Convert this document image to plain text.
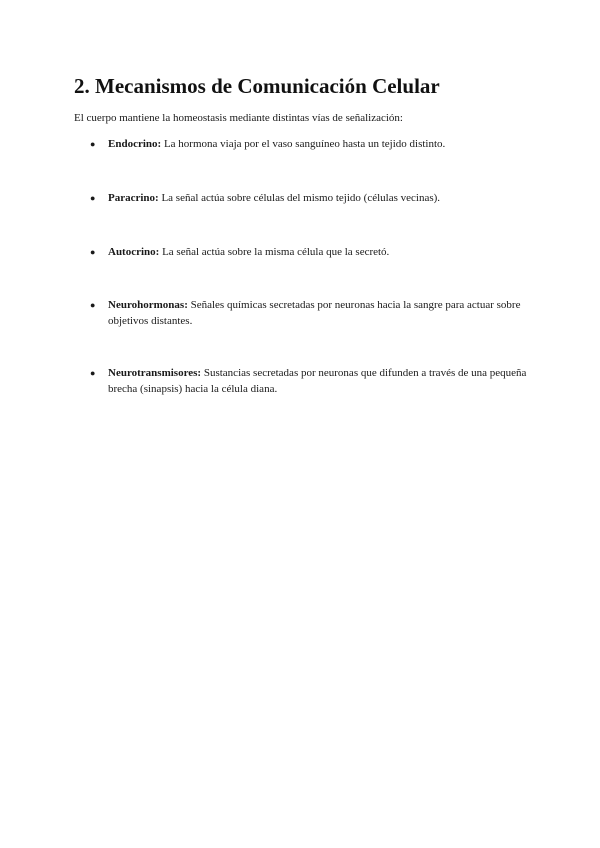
2. Mecanismos de Comunicación Celular

El cuerpo mantiene la homeostasis mediante distintas vías de señalización:

●	Endocrino: La hormona viaja por el vaso sanguíneo hasta un tejido distinto.
●	Paracrino: La señal actúa sobre células del mismo tejido (células vecinas).
●	Autocrino: La señal actúa sobre la misma célula que la secretó.
●	Neurohormonas: Señales químicas secretadas por neuronas hacia la sangre para actuar sobre objetivos distantes.
●	Neurotransmisores: Sustancias secretadas por neuronas que difunden a través de una pequeña brecha (sinapsis) hacia la célula diana.
